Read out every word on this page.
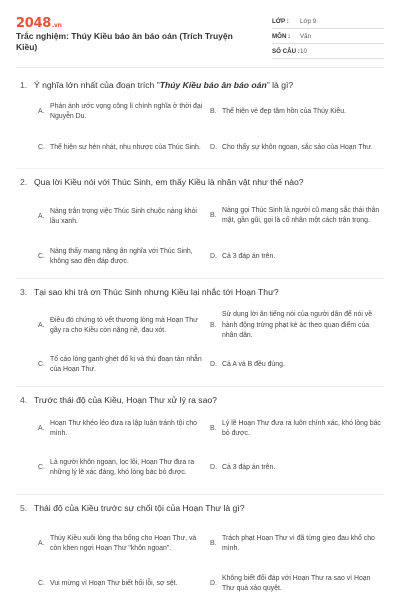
2048.vn
Trắc nghiệm: Thúy Kiều báo ân báo oán (Trích Truyện Kiều)
LỚP :	Lớp 9
MÔN :	Văn
SỐ CÂU : 10
1. Ý nghĩa lớn nhất của đoạn trích "Thúy Kiều báo ân báo oán" là gì?
A.
Phản ánh ước vọng công lí chính nghĩa ở thời đại Nguyễn Du.
B. Thể hiện vẻ đẹp tâm hồn của Thúy Kiều.
C. Thể hiện sự hèn nhát, nhu nhược của Thúc Sinh.	D. Cho thấy sự khôn ngoan, sắc sảo của Hoạn Thư.
2. Qua lời Kiều nói với Thúc Sinh, em thấy Kiều là nhân vật như thế nào?
A.
Nàng trân trọng việc Thúc Sinh chuộc nàng khỏi lầu xanh.
B.
Nàng gọi Thúc Sinh là người cũ mang sắc thái thân mật, gần gũi, gọi là cố nhân một cách trân trọng.
C.
Nàng thấy mang nặng ân nghĩa với Thúc Sinh, không sao đền đáp được.
D. Cả 3 đáp án trên.
3. Tại sao khi trả ơn Thúc Sinh nhưng Kiều lại nhắc tới Hoạn Thư?
A.
Điều đó chứng tỏ vết thương lòng mà Hoạn Thư gây ra cho Kiều còn nặng nề, đau xót.
B.
Sử dụng lời ăn tiếng nói của người dân để nói về hành động trừng phạt kẻ ác theo quan điểm của nhân dân.
C.
Tố cáo lòng ganh ghét đố kị và thủ đoạn tàn nhẫn của Hoạn Thư.
D. Cả A và B đều đúng.
4. Trước thái độ của Kiều, Hoạn Thư xử lý ra sao?
A.
Hoạn Thư khéo léo đưa ra lập luận tránh tội cho mình.
B.
Lý lẽ Hoạn Thư đưa ra luôn chính xác, khó lòng bác bỏ được.
C.
Là người khôn ngoan, lọc lõi, Hoạn Thư đưa ra những lý lẽ xác đáng, khó lòng bác bỏ được.
D. Cả 3 đáp án trên.
5. Thái độ của Kiều trước sự chối tội của Hoạn Thư là gì?
A.
Thúy Kiều xuôi lòng tha bổng cho Hoạn Thư, và còn khen ngợi Hoạn Thư "khôn ngoan".
B.
Trách phạt Hoạn Thư vì đã từng gieo đau khổ cho mình.
C. Vui mừng vì Hoạn Thư biết hối lỗi, sợ sệt.	D.
Không biết đối đáp với Hoạn Thư ra sao vì Hoạn Thư quá xảo quyệt.
